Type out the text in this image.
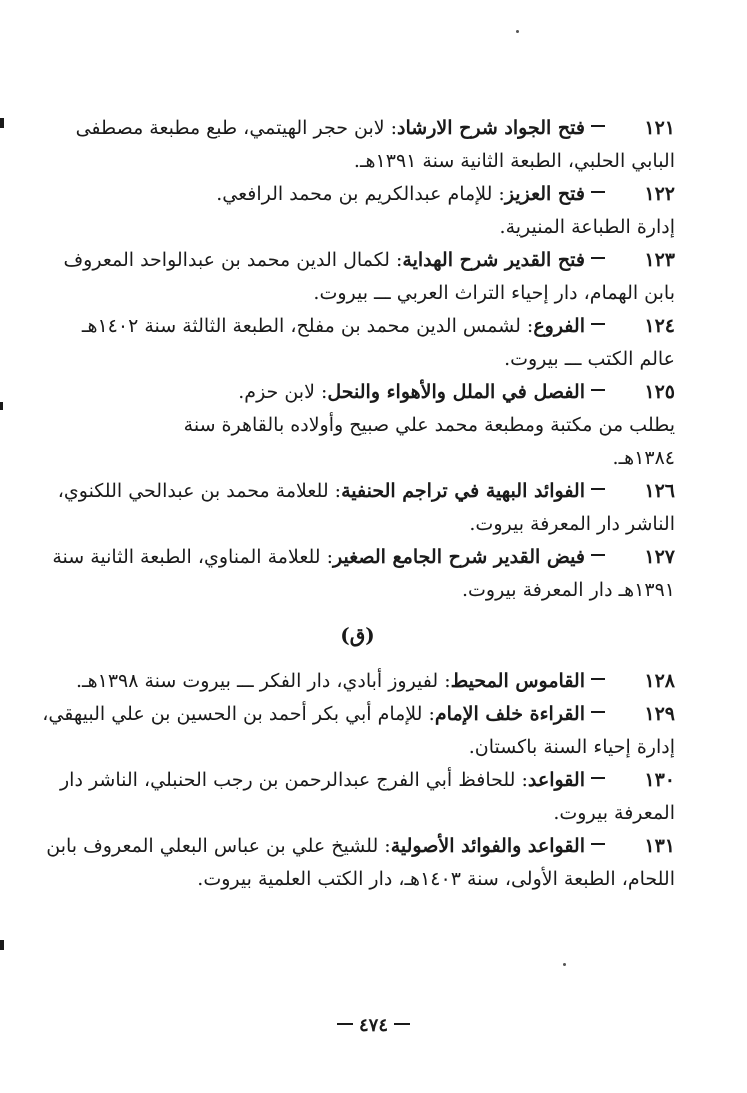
١٢١فتح الجواد شرح الارشاد: لابن حجر الهيتمي، طبع مطبعة مصطفى
البابي الحلبي، الطبعة الثانية سنة ١٣٩١هـ.
١٢٢فتح العزيز: للإمام عبدالكريم بن محمد الرافعي.
إدارة الطباعة المنيرية.
١٢٣فتح القدير شرح الهداية: لكمال الدين محمد بن عبدالواحد المعروف
بابن الهمام، دار إحياء التراث العربي ـــ بيروت.
١٢٤الفروع: لشمس الدين محمد بن مفلح، الطبعة الثالثة سنة ١٤٠٢هـ
عالم الكتب ـــ بيروت.
١٢٥الفصل في الملل والأهواء والنحل: لابن حزم.
يطلب من مكتبة ومطبعة محمد علي صبيح وأولاده بالقاهرة سنة
١٣٨٤هـ.
١٢٦الفوائد البهية في تراجم الحنفية: للعلامة محمد بن عبدالحي اللكنوي،
الناشر دار المعرفة بيروت.
١٢٧فيض القدير شرح الجامع الصغير: للعلامة المناوي، الطبعة الثانية سنة
١٣٩١هـ دار المعرفة بيروت.
(ق)
١٢٨القاموس المحيط: لفيروز أبادي، دار الفكر ـــ بيروت سنة ١٣٩٨هـ.
١٢٩القراءة خلف الإمام: للإمام أبي بكر أحمد بن الحسين بن علي البيهقي،
إدارة إحياء السنة باكستان.
١٣٠القواعد: للحافظ أبي الفرج عبدالرحمن بن رجب الحنبلي، الناشر دار
المعرفة بيروت.
١٣١القواعد والفوائد الأصولية: للشيخ علي بن عباس البعلي المعروف بابن
اللحام، الطبعة الأولى، سنة ١٤٠٣هـ، دار الكتب العلمية بيروت.
٤٧٤
